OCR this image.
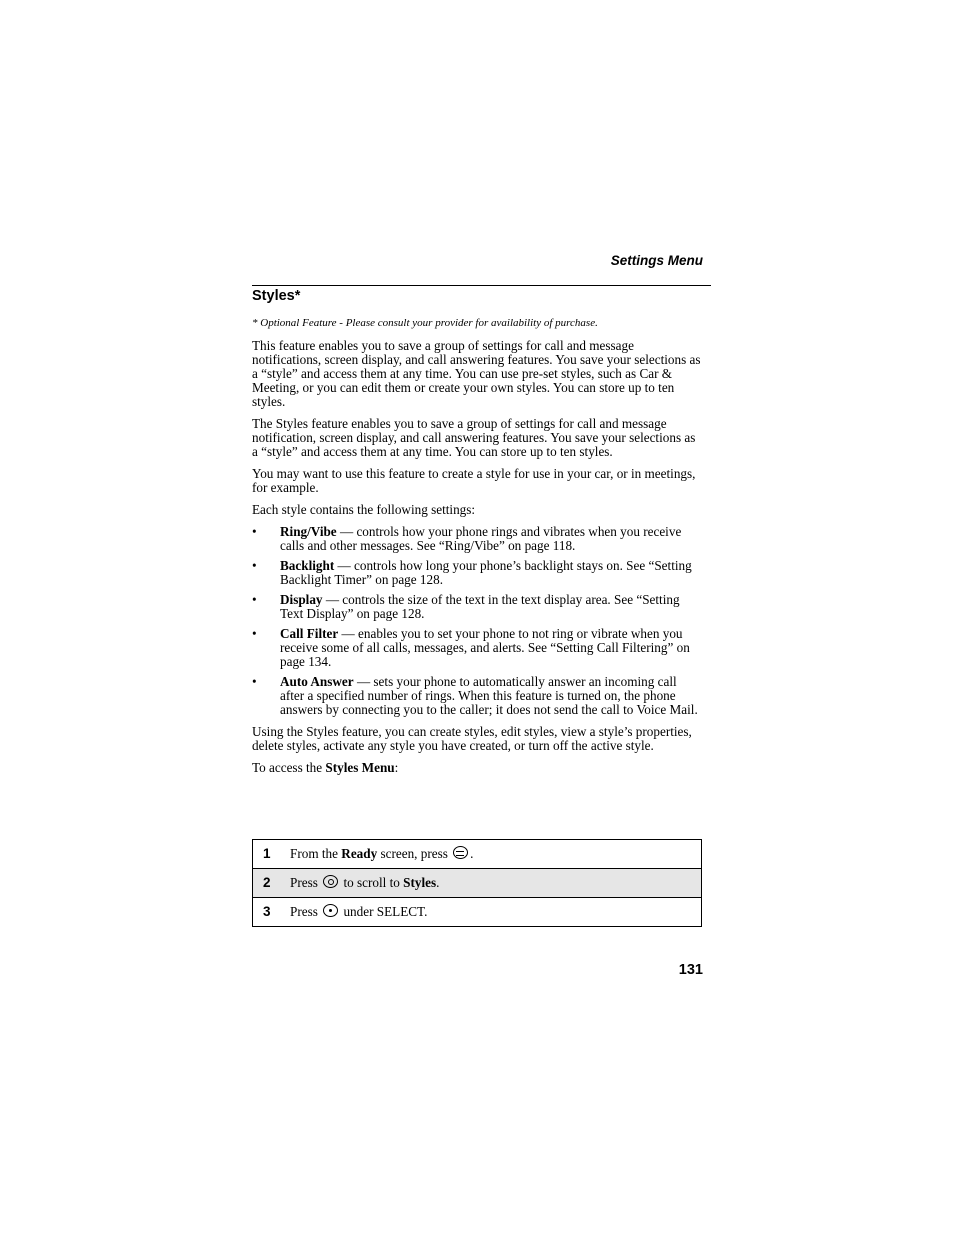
Settings Menu
Styles*
* Optional Feature - Please consult your provider for availability of purchase.

This feature enables you to save a group of settings for call and message notifications, screen display, and call answering features. You save your selections as a “style” and access them at any time. You can use pre-set styles, such as Car & Meeting, or you can edit them or create your own styles. You can store up to ten styles.

The Styles feature enables you to save a group of settings for call and message notification, screen display, and call answering features. You save your selections as a “style” and access them at any time. You can store up to ten styles.

You may want to use this feature to create a style for use in your car, or in meetings, for example.

Each style contains the following settings:

• Ring/Vibe — controls how your phone rings and vibrates when you receive calls and other messages. See “Ring/Vibe” on page 118.
• Backlight — controls how long your phone’s backlight stays on. See “Setting Backlight Timer” on page 128.
• Display — controls the size of the text in the text display area. See “Setting Text Display” on page 128.
• Call Filter — enables you to set your phone to not ring or vibrate when you receive some of all calls, messages, and alerts. See “Setting Call Filtering” on page 134.
• Auto Answer — sets your phone to automatically answer an incoming call after a specified number of rings. When this feature is turned on, the phone answers by connecting you to the caller; it does not send the call to Voice Mail.

Using the Styles feature, you can create styles, edit styles, view a style’s properties, delete styles, activate any style you have created, or turn off the active style.

To access the Styles Menu:

1 From the Ready screen, press .
2 Press  to scroll to Styles.
3 Press  under SELECT.
131
